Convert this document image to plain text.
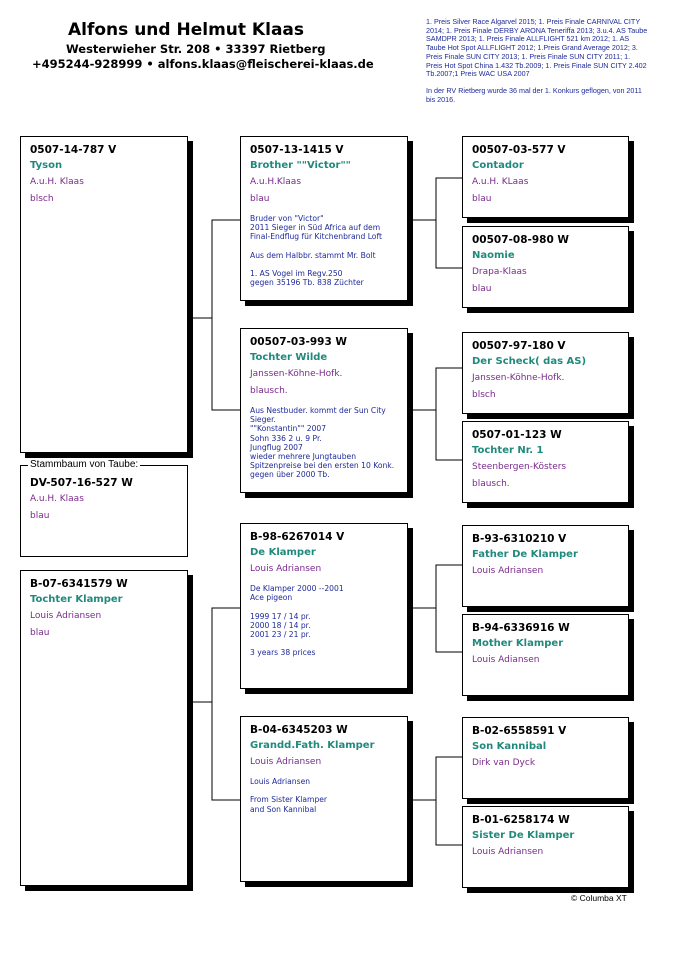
Alfons und Helmut Klaas
Westerwieher Str. 208 • 33397 Rietberg
+495244-928999 • alfons.klaas@fleischerei-klaas.de

1. Preis Silver Race Algarvel 2015; 1. Preis Finale CARNIVAL CITY 2014; 1. Preis Finale DERBY ARONA Teneriffa 2013; 3.u.4. AS Taube SAMDPR 2013; 1. Preis Finale ALLFLIGHT 521 km 2012; 1. AS Taube Hot Spot ALLFLIGHT 2012; 1.Preis Grand Average 2012; 3. Preis Finale SUN CITY 2013; 1. Preis Finale SUN CITY 2011; 1. Preis Hot Spot China 1.432 Tb.2009; 1. Preis Finale SUN CITY 2.402 Tb.2007;1 Preis WAC USA 2007

In der RV Rietberg wurde 36 mal der 1. Konkurs geflogen, von 2011 bis 2016.

0507-14-787 V
Tyson
A.u.H. Klaas
blsch
DV-507-16-527 W
A.u.H. Klaas
blau
Stammbaum von Taube:
B-07-6341579 W
Tochter Klamper
Louis Adriansen
blau
0507-13-1415 V
Brother ""Victor""
A.u.H.Klaas
blau

Bruder von "Victor"

2011 Sieger in Süd Africa auf dem

Final-Endflug für Kitchenbrand Loft

Aus dem Halbbr. stammt Mr. Bolt

1. AS Vogel im Regv.250

gegen 35196 Tb. 838 Züchter

00507-03-993 W
Tochter Wilde
Janssen-Köhne-Hofk.
blausch.

Aus Nestbuder. kommt der Sun City

Sieger.

""Konstantin"" 2007

Sohn 336 2 u. 9 Pr.

Jungflug 2007

wieder mehrere Jungtauben

Spitzenpreise bei den ersten 10 Konk.

gegen über 2000 Tb.

B-98-6267014 V
De Klamper
Louis Adriansen

De Klamper 2000 --2001

Ace pigeon

1999 17 / 14 pr.

2000 18 / 14 pr.

2001 23 / 21 pr.

3 years 38 prices

B-04-6345203 W
Grandd.Fath. Klamper
Louis Adriansen

Louis Adriansen

From Sister Klamper

and Son Kannibal

00507-03-577 V
Contador
A.u.H. KLaas
blau
00507-08-980 W
Naomie
Drapa-Klaas
blau
00507-97-180 V
Der Scheck( das AS)
Janssen-Köhne-Hofk.
blsch
0507-01-123 W
Tochter Nr. 1
Steenbergen-Kösters
blausch.
B-93-6310210 V
Father De Klamper
Louis Adriansen
B-94-6336916 W
Mother Klamper
Louis Adiansen
B-02-6558591 V
Son Kannibal
Dirk van Dyck
B-01-6258174 W
Sister De Klamper
Louis Adriansen
© Columba XT
